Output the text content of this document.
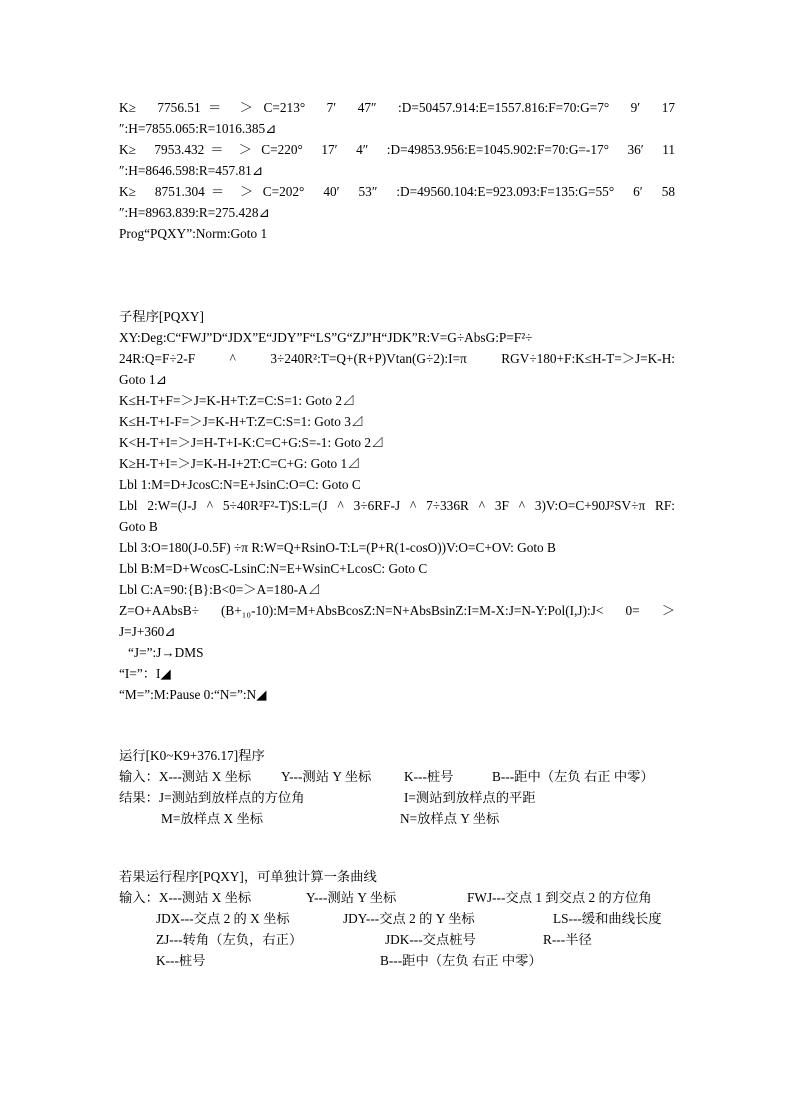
K≥  7756.51＝ ＞ C=213°  7′  47″  :D=50457.914:E=1557.816:F=70:G=7°  9′  17
″:H=7855.065:R=1016.385⊿
K≥  7953.432＝ ＞ C=220°  17′  4″  :D=49853.956:E=1045.902:F=70:G=-17°  36′  11
″:H=8646.598:R=457.81⊿
K≥  8751.304＝ ＞ C=202°  40′  53″  :D=49560.104:E=923.093:F=135:G=55°  6′  58
″:H=8963.839:R=275.428⊿
Prog“PQXY”:Norm:Goto 1
子程序[PQXY]
XY:Deg:C“FWJ”D“JDX”E“JDY”F“LS”G“ZJ”H“JDK”R:V=G÷AbsG:P=F²÷
24R:Q=F÷2-F ^ 3÷240R²:T=Q+(R+P)Vtan(G÷2):I=π RGV÷180+F:K≤H-T=＞J=K-H:
Goto 1⊿
K≤H-T+F=＞J=K-H+T:Z=C:S=1: Goto 2⊿
K≤H-T+I-F=＞J=K-H+T:Z=C:S=1: Goto 3⊿
K<H-T+I=＞J=H-T+I-K:C=C+G:S=-1: Goto 2⊿
K≥H-T+I=＞J=K-H-I+2T:C=C+G: Goto 1⊿
Lbl 1:M=D+JcosC:N=E+JsinC:O=C: Goto C
Lbl 2:W=(J-J ^ 5÷40R²F²-T)S:L=(J ^ 3÷6RF-J ^ 7÷336R ^ 3F ^ 3)V:O=C+90J²SV÷π RF:
Goto B
Lbl 3:O=180(J-0.5F) ÷π R:W=Q+RsinO-T:L=(P+R(1-cosO))V:O=C+OV: Goto B
Lbl B:M=D+WcosC-LsinC:N=E+WsinC+LcosC: Goto C
Lbl C:A=90:{B}:B<0=＞A=180-A⊿
Z=O+AAbsB÷ (B+₁₀-10):M=M+AbsBcosZ:N=N+AbsBsinZ:I=M-X:J=N-Y:Pol(I,J):J< 0= ＞
J=J+360⊿
“J=”:J→DMS
“I=”：I◢
“M=”:M:Pause 0:“N=”:N◢
运行[K0~K9+376.17]程序
输入：X---测站 X 坐标	Y---测站 Y 坐标	K---桩号	B---距中（左负 右正 中零）
结果：J=测站到放样点的方位角	I=测站到放样点的平距
M=放样点 X 坐标	N=放样点 Y 坐标
若果运行程序[PQXY]，可单独计算一条曲线
输入：X---测站 X 坐标	Y---测站 Y 坐标	FWJ---交点 1 到交点 2 的方位角
JDX---交点 2 的 X 坐标	JDY---交点 2 的 Y 坐标	LS---缓和曲线长度
ZJ---转角（左负，右正）	JDK---交点桩号	R---半径
K---桩号	B---距中（左负 右正 中零）
